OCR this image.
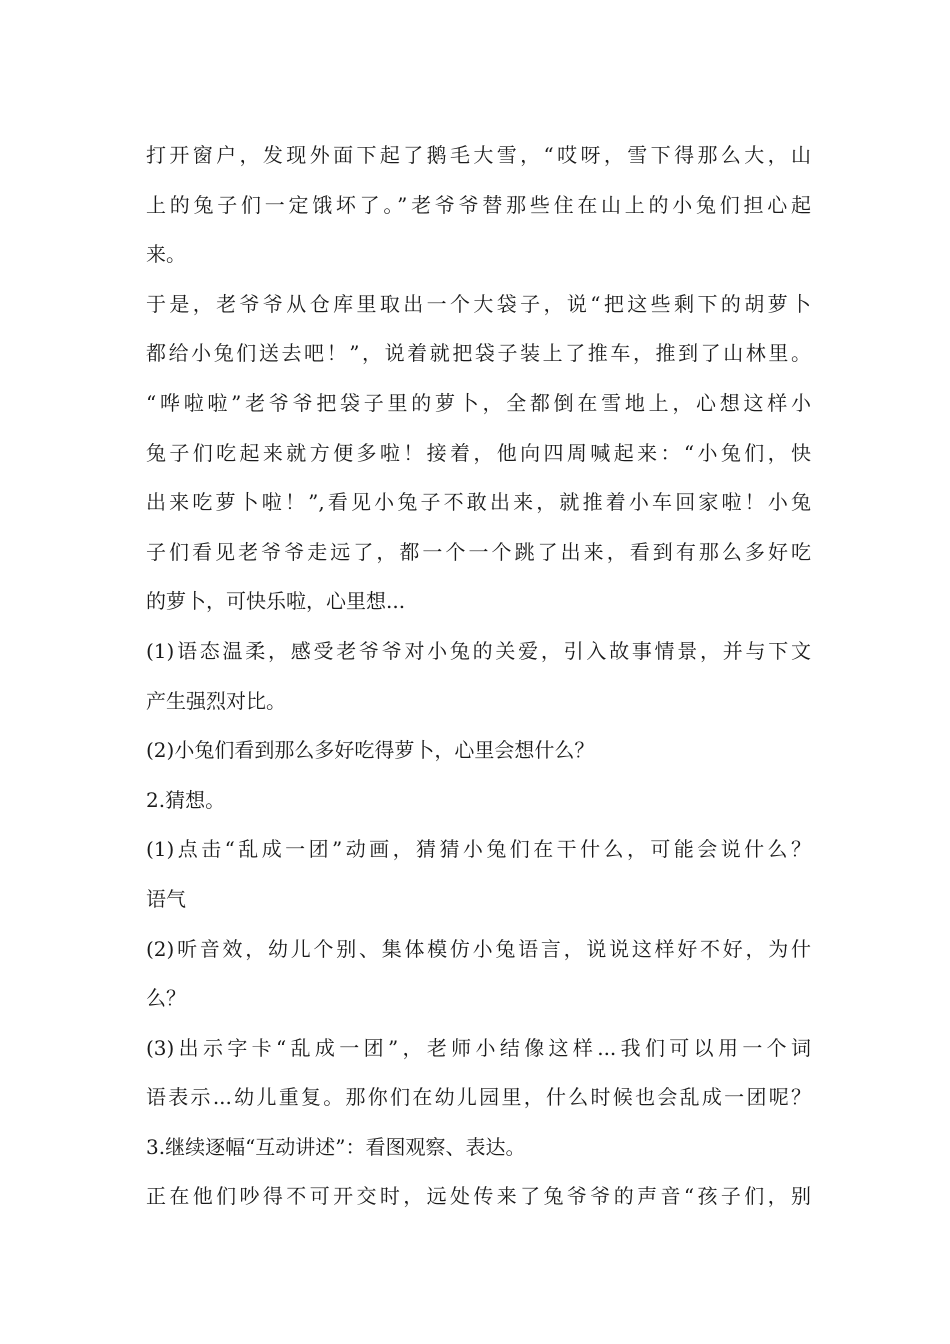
打开窗户，发现外面下起了鹅毛大雪，“哎呀，雪下得那么大，山
上的兔子们一定饿坏了。”老爷爷替那些住在山上的小兔们担心起
来。
于是，老爷爷从仓库里取出一个大袋子，说“把这些剩下的胡萝卜
都给小兔们送去吧！”，说着就把袋子装上了推车，推到了山林里。
“哗啦啦”老爷爷把袋子里的萝卜，全都倒在雪地上，心想这样小
兔子们吃起来就方便多啦！接着，他向四周喊起来：“小兔们，快
出来吃萝卜啦！”,看见小兔子不敢出来，就推着小车回家啦！小兔
子们看见老爷爷走远了，都一个一个跳了出来，看到有那么多好吃
的萝卜，可快乐啦，心里想...
(1)语态温柔，感受老爷爷对小兔的关爱，引入故事情景，并与下文
产生强烈对比。
(2)小兔们看到那么多好吃得萝卜，心里会想什么？
2.猜想。
(1)点击“乱成一团”动画，猜猜小兔们在干什么，可能会说什么？
语气
(2)听音效，幼儿个别、集体模仿小兔语言，说说这样好不好，为什
么？
(3)出示字卡“乱成一团”，老师小结像这样...我们可以用一个词
语表示...幼儿重复。那你们在幼儿园里，什么时候也会乱成一团呢？
3.继续逐幅“互动讲述”：看图观察、表达。
正在他们吵得不可开交时，远处传来了兔爷爷的声音“孩子们，别
